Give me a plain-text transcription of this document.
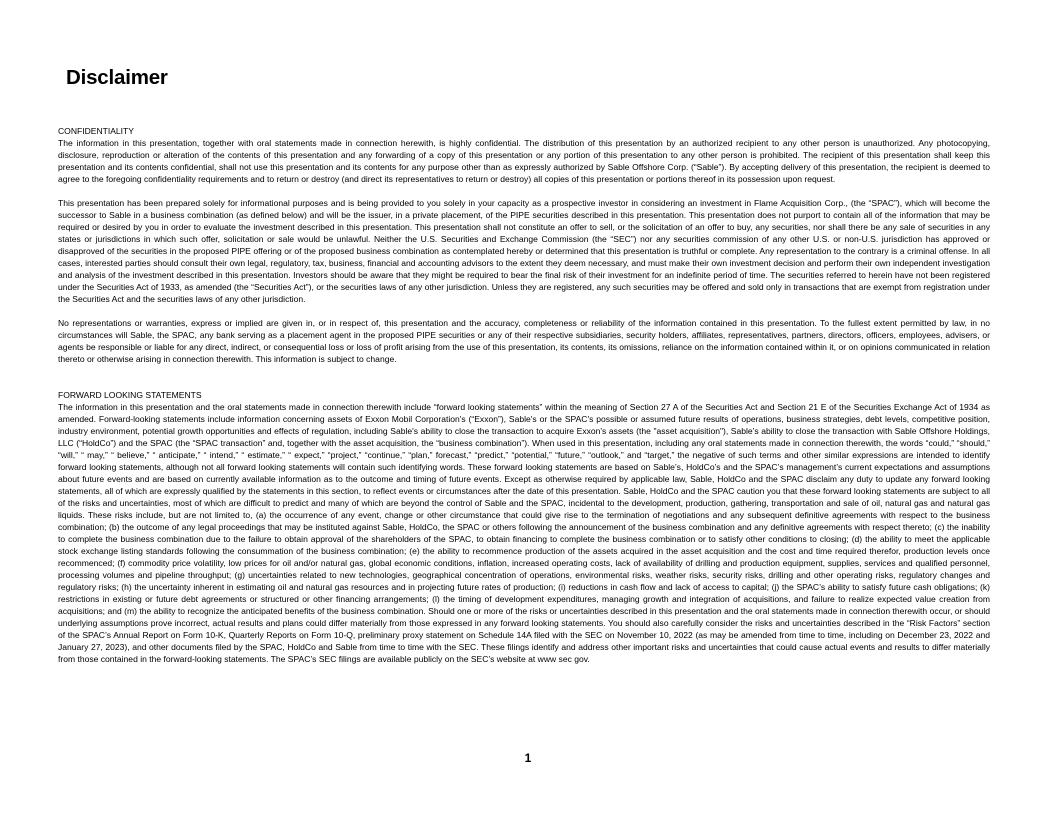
Disclaimer
CONFIDENTIALITY

The information in this presentation, together with oral statements made in connection herewith, is highly confidential. The distribution of this presentation by an authorized recipient to any other person is unauthorized. Any photocopying, disclosure, reproduction or alteration of the contents of this presentation and any forwarding of a copy of this presentation or any portion of this presentation to any other person is prohibited. The recipient of this presentation shall keep this presentation and its contents confidential, shall not use this presentation and its contents for any purpose other than as expressly authorized by Sable Offshore Corp. (“Sable”). By accepting delivery of this presentation, the recipient is deemed to agree to the foregoing confidentiality requirements and to return or destroy (and direct its representatives to return or destroy) all copies of this presentation or portions thereof in its possession upon request.

This presentation has been prepared solely for informational purposes and is being provided to you solely in your capacity as a prospective investor in considering an investment in Flame Acquisition Corp., (the “SPAC”), which will become the successor to Sable in a business combination (as defined below) and will be the issuer, in a private placement, of the PIPE securities described in this presentation. This presentation does not purport to contain all of the information that may be required or desired by you in order to evaluate the investment described in this presentation. This presentation shall not constitute an offer to sell, or the solicitation of an offer to buy, any securities, nor shall there be any sale of securities in any states or jurisdictions in which such offer, solicitation or sale would be unlawful. Neither the U.S. Securities and Exchange Commission (the “SEC”) nor any securities commission of any other U.S. or non-U.S. jurisdiction has approved or disapproved of the securities in the proposed PIPE offering or of the proposed business combination as contemplated hereby or determined that this presentation is truthful or complete. Any representation to the contrary is a criminal offense. In all cases, interested parties should consult their own legal, regulatory, tax, business, financial and accounting advisors to the extent they deem necessary, and must make their own investment decision and perform their own independent investigation and analysis of the investment described in this presentation. Investors should be aware that they might be required to bear the final risk of their investment for an indefinite period of time. The securities referred to herein have not been registered under the Securities Act of 1933, as amended (the “Securities Act”), or the securities laws of any other jurisdiction. Unless they are registered, any such securities may be offered and sold only in transactions that are exempt from registration under the Securities Act and the securities laws of any other jurisdiction.

No representations or warranties, express or implied are given in, or in respect of, this presentation and the accuracy, completeness or reliability of the information contained in this presentation. To the fullest extent permitted by law, in no circumstances will Sable, the SPAC, any bank serving as a placement agent in the proposed PIPE securities or any of their respective subsidiaries, security holders, affiliates, representatives, partners, directors, officers, employees, advisers, or agents be responsible or liable for any direct, indirect, or consequential loss or loss of profit arising from the use of this presentation, its contents, its omissions, reliance on the information contained within it, or on opinions communicated in relation thereto or otherwise arising in connection therewith. This information is subject to change.

FORWARD LOOKING STATEMENTS

The information in this presentation and the oral statements made in connection therewith include “forward looking statements” within the meaning of Section 27 A of the Securities Act and Section 21 E of the Securities Exchange Act of 1934 as amended. Forward-looking statements include information concerning assets of Exxon Mobil Corporation's (“Exxon”), Sable's or the SPAC's possible or assumed future results of operations, business strategies, debt levels, competitive position, industry environment, potential growth opportunities and effects of regulation, including Sable's ability to close the transaction to acquire Exxon's assets (the "asset acquisition"), Sable’s ability to close the transaction with Sable Offshore Holdings, LLC (“HoldCo”) and the SPAC (the “SPAC transaction” and, together with the asset acquisition, the “business combination”). When used in this presentation, including any oral statements made in connection therewith, the words “could,” “should,” “will,” “ may,” “ believe,” “ anticipate,” “ intend,” “ estimate,” “ expect,” “project,” “continue,” “plan,” forecast,” “predict,” “potential,” “future,” “outlook,” and “target,” the negative of such terms and other similar expressions are intended to identify forward looking statements, although not all forward looking statements will contain such identifying words. These forward looking statements are based on Sable’s, HoldCo’s and the SPAC’s management’s current expectations and assumptions about future events and are based on currently available information as to the outcome and timing of future events. Except as otherwise required by applicable law, Sable, HoldCo and the SPAC disclaim any duty to update any forward looking statements, all of which are expressly qualified by the statements in this section, to reflect events or circumstances after the date of this presentation. Sable, HoldCo and the SPAC caution you that these forward looking statements are subject to all of the risks and uncertainties, most of which are difficult to predict and many of which are beyond the control of Sable and the SPAC, incidental to the development, production, gathering, transportation and sale of oil, natural gas and natural gas liquids. These risks include, but are not limited to, (a) the occurrence of any event, change or other circumstance that could give rise to the termination of negotiations and any subsequent definitive agreements with respect to the business combination; (b) the outcome of any legal proceedings that may be instituted against Sable, HoldCo, the SPAC or others following the announcement of the business combination and any definitive agreements with respect thereto; (c) the inability to complete the business combination due to the failure to obtain approval of the shareholders of the SPAC, to obtain financing to complete the business combination or to satisfy other conditions to closing; (d) the ability to meet the applicable stock exchange listing standards following the consummation of the business combination; (e) the ability to recommence production of the assets acquired in the asset acquisition and the cost and time required therefor, production levels once recommenced; (f) commodity price volatility, low prices for oil and/or natural gas, global economic conditions, inflation, increased operating costs, lack of availability of drilling and production equipment, supplies, services and qualified personnel, processing volumes and pipeline throughput; (g) uncertainties related to new technologies, geographical concentration of operations, environmental risks, weather risks, security risks, drilling and other operating risks, regulatory changes and regulatory risks; (h) the uncertainty inherent in estimating oil and natural gas resources and in projecting future rates of production; (i) reductions in cash flow and lack of access to capital; (j) the SPAC’s ability to satisfy future cash obligations; (k) restrictions in existing or future debt agreements or structured or other financing arrangements; (l) the timing of development expenditures, managing growth and integration of acquisitions, and failure to realize expected value creation from acquisitions; and (m) the ability to recognize the anticipated benefits of the business combination. Should one or more of the risks or uncertainties described in this presentation and the oral statements made in connection therewith occur, or should underlying assumptions prove incorrect, actual results and plans could differ materially from those expressed in any forward looking statements. You should also carefully consider the risks and uncertainties described in the “Risk Factors” section of the SPAC’s Annual Report on Form 10-K, Quarterly Reports on Form 10-Q, preliminary proxy statement on Schedule 14A filed with the SEC on November 10, 2022 (as may be amended from time to time, including on December 23, 2022 and January 27, 2023), and other documents filed by the SPAC, HoldCo and Sable from time to time with the SEC. These filings identify and address other important risks and uncertainties that could cause actual events and results to differ materially from those contained in the forward-looking statements. The SPAC’s SEC filings are available publicly on the SEC’s website at www sec gov.

1
